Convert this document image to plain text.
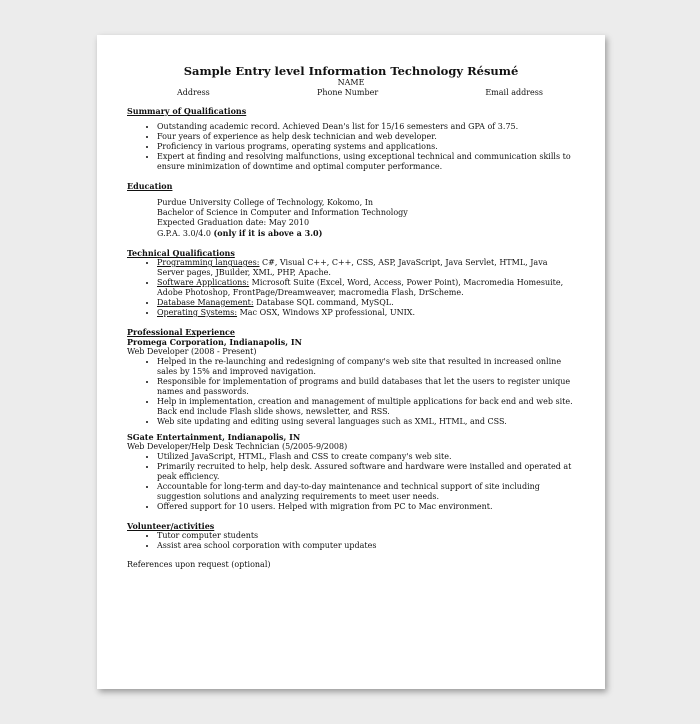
Sample Entry level Information Technology Résumé
NAME
Address	Phone Number	Email address
Summary of Qualifications
• Outstanding academic record. Achieved Dean's list for 15/16 semesters and GPA of 3.75.
• Four years of experience as help desk technician and web developer.
• Proficiency in various programs, operating systems and applications.
• Expert at finding and resolving malfunctions, using exceptional technical and communication skills to ensure minimization of downtime and optimal computer performance.
Education
Purdue University College of Technology, Kokomo, In
Bachelor of Science in Computer and Information Technology
Expected Graduation date: May 2010
G.P.A. 3.0/4.0 (only if it is above a 3.0)
Technical Qualifications
• Programming languages: C#, Visual C++, C++, CSS, ASP, JavaScript, Java Servlet, HTML, Java Server pages, JBuilder, XML, PHP, Apache.
• Software Applications: Microsoft Suite (Excel, Word, Access, Power Point), Macromedia Homesuite, Adobe Photoshop, FrontPage/Dreamweaver, macromedia Flash, DrScheme.
• Database Management: Database SQL command, MySQL.
• Operating Systems: Mac OSX, Windows XP professional, UNIX.
Professional Experience
Promega Corporation, Indianapolis, IN
Web Developer (2008 - Present)
• Helped in the re-launching and redesigning of company's web site that resulted in increased online sales by 15% and improved navigation.
• Responsible for implementation of programs and build databases that let the users to register unique names and passwords.
• Help in implementation, creation and management of multiple applications for back end and web site. Back end include Flash slide shows, newsletter, and RSS.
• Web site updating and editing using several languages such as XML, HTML, and CSS.
SGate Entertainment, Indianapolis, IN
Web Developer/Help Desk Technician (5/2005-9/2008)
• Utilized JavaScript, HTML, Flash and CSS to create company's web site.
• Primarily recruited to help, help desk. Assured software and hardware were installed and operated at peak efficiency.
• Accountable for long-term and day-to-day maintenance and technical support of site including suggestion solutions and analyzing requirements to meet user needs.
• Offered support for 10 users. Helped with migration from PC to Mac environment.
Volunteer/activities
• Tutor computer students
• Assist area school corporation with computer updates
References upon request (optional)
